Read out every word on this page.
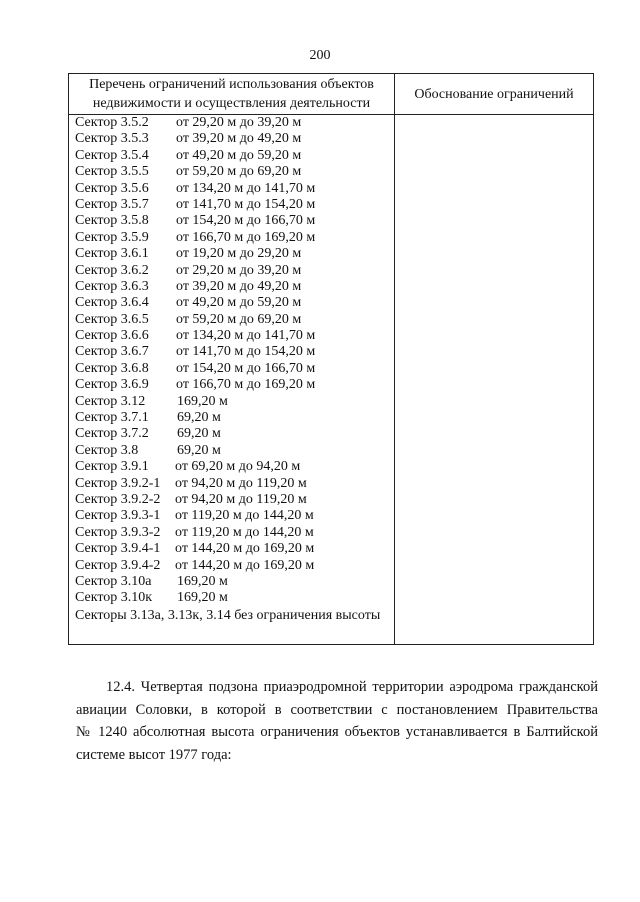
200
Перечень ограничений использования объектов
недвижимости и осуществления деятельности
Обоснование ограничений
Сектор 3.5.2 от 29,20 м до 39,20 м
Сектор 3.5.3 от 39,20 м до 49,20 м
Сектор 3.5.4 от 49,20 м до 59,20 м
Сектор 3.5.5 от 59,20 м до 69,20 м
Сектор 3.5.6 от 134,20 м до 141,70 м
Сектор 3.5.7 от 141,70 м до 154,20 м
Сектор 3.5.8 от 154,20 м до 166,70 м
Сектор 3.5.9 от 166,70 м до 169,20 м
Сектор 3.6.1 от 19,20 м до 29,20 м
Сектор 3.6.2 от 29,20 м до 39,20 м
Сектор 3.6.3 от 39,20 м до 49,20 м
Сектор 3.6.4 от 49,20 м до 59,20 м
Сектор 3.6.5 от 59,20 м до 69,20 м
Сектор 3.6.6 от 134,20 м до 141,70 м
Сектор 3.6.7 от 141,70 м до 154,20 м
Сектор 3.6.8 от 154,20 м до 166,70 м
Сектор 3.6.9 от 166,70 м до 169,20 м
Сектор 3.12 169,20 м
Сектор 3.7.1 69,20 м
Сектор 3.7.2 69,20 м
Сектор 3.8	69,20 м
Сектор 3.9.1 от 69,20 м до 94,20 м
Сектор 3.9.2-1 от 94,20 м до 119,20 м
Сектор 3.9.2-2 от 94,20 м до 119,20 м
Сектор 3.9.3-1 от 119,20 м до 144,20 м
Сектор 3.9.3-2 от 119,20 м до 144,20 м
Сектор 3.9.4-1 от 144,20 м до 169,20 м
Сектор 3.9.4-2 от 144,20 м до 169,20 м
Сектор 3.10а 169,20 м
Сектор 3.10к 169,20 м
Секторы 3.13а, 3.13к, 3.14 без ограничения высоты
12.4. Четвертая подзона приаэродромной территории аэродрома гражданской
авиации Соловки, в которой в соответствии с постановлением Правительства
№ 1240 абсолютная высота ограничения объектов устанавливается в Балтийской
системе высот 1977 года:
